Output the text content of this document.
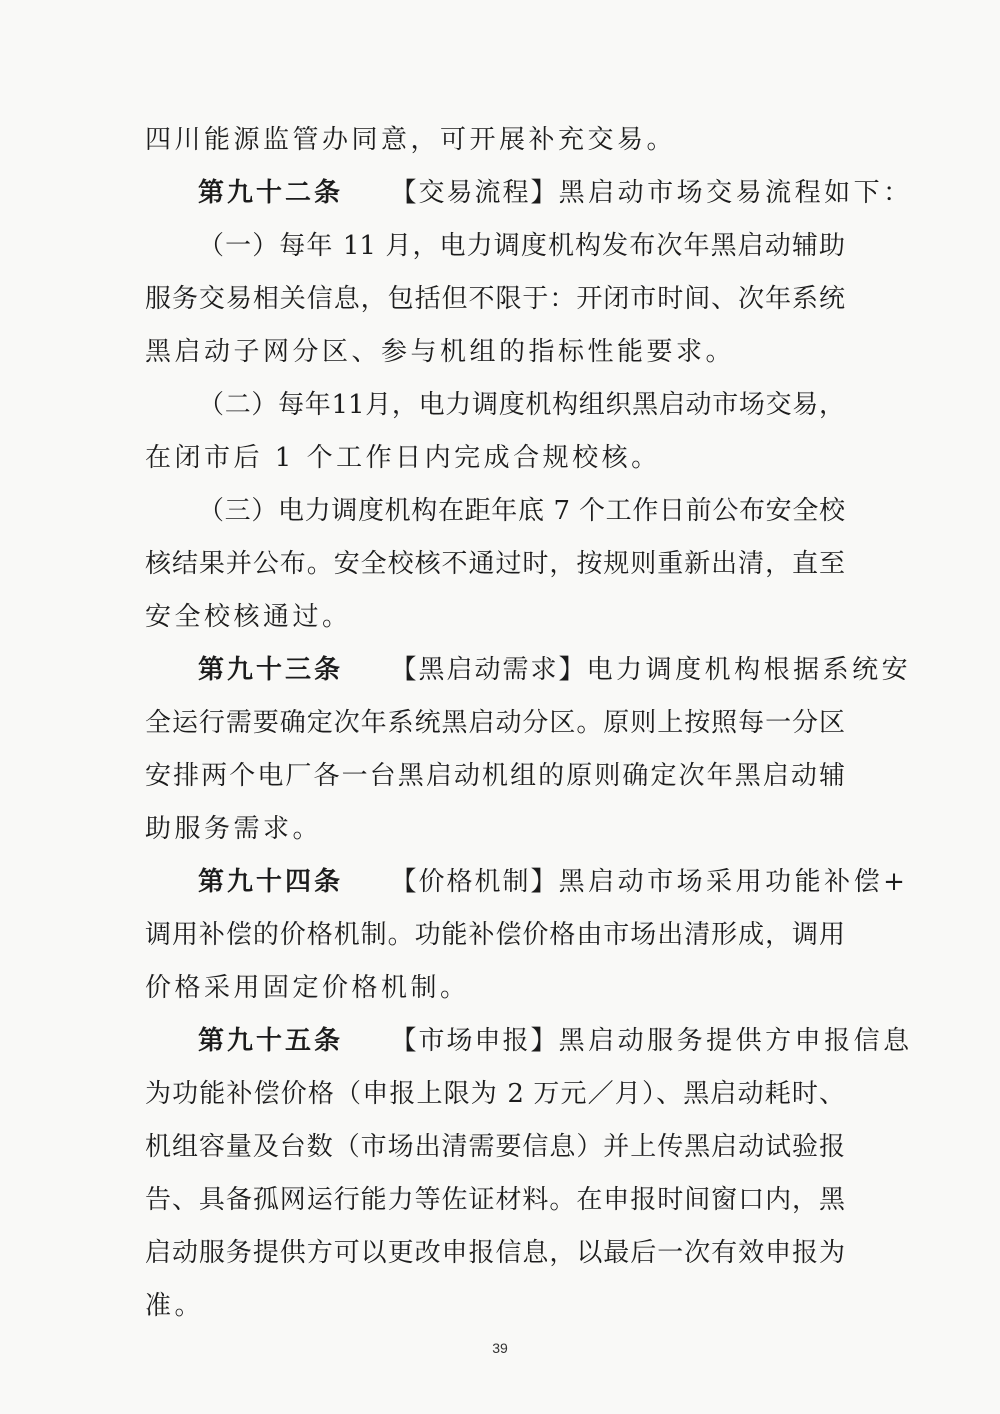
四川能源监管办同意，可开展补充交易。
第九十二条 【交易流程】黑启动市场交易流程如下：
（一）每年 11 月，电力调度机构发布次年黑启动辅助
服务交易相关信息，包括但不限于：开闭市时间、次年系统
黑启动子网分区、参与机组的指标性能要求。
（二）每年11月，电力调度机构组织黑启动市场交易，
在闭市后 1 个工作日内完成合规校核。
（三）电力调度机构在距年底 7 个工作日前公布安全校
核结果并公布。安全校核不通过时，按规则重新出清，直至
安全校核通过。
第九十三条 【黑启动需求】电力调度机构根据系统安
全运行需要确定次年系统黑启动分区。原则上按照每一分区
安排两个电厂各一台黑启动机组的原则确定次年黑启动辅
助服务需求。
第九十四条 【价格机制】黑启动市场采用功能补偿+
调用补偿的价格机制。功能补偿价格由市场出清形成，调用
价格采用固定价格机制。
第九十五条 【市场申报】黑启动服务提供方申报信息
为功能补偿价格（申报上限为 2 万元／月）、黑启动耗时、
机组容量及台数（市场出清需要信息）并上传黑启动试验报
告、具备孤网运行能力等佐证材料。在申报时间窗口内，黑
启动服务提供方可以更改申报信息，以最后一次有效申报为
准。
39
